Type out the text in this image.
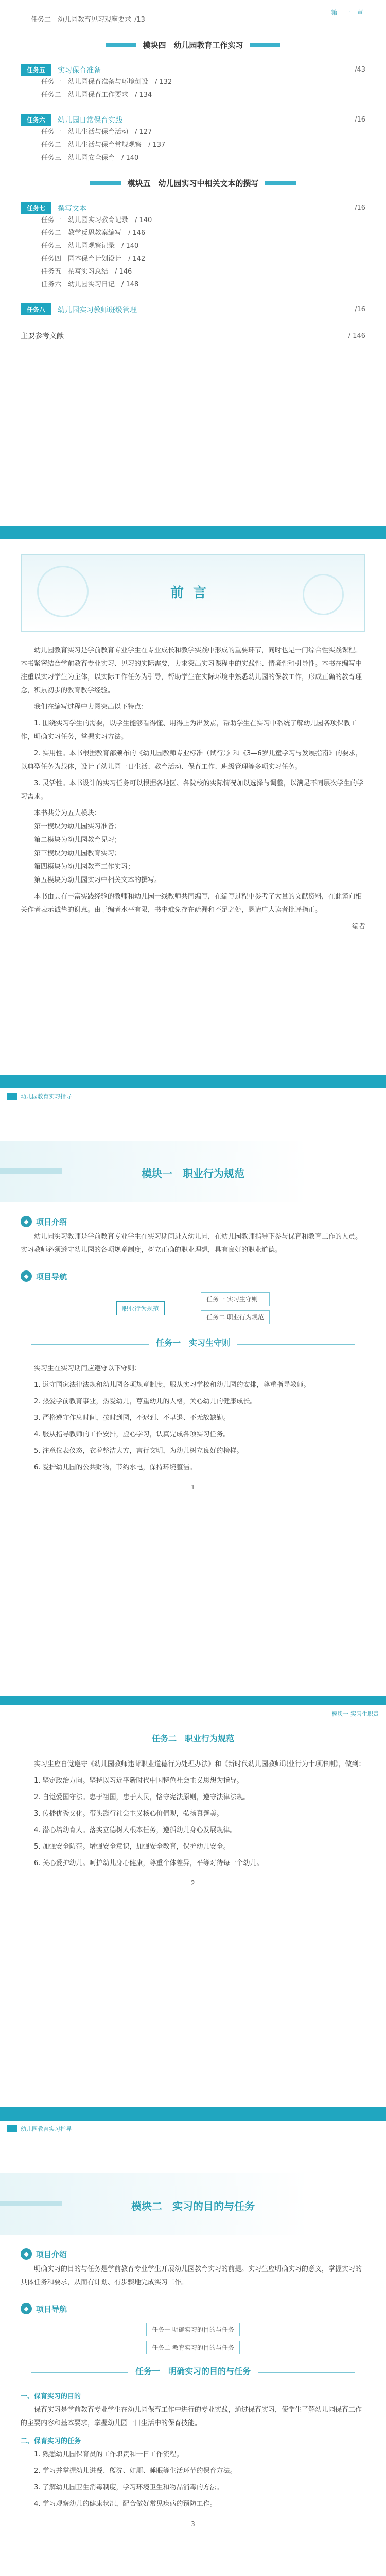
第 一 章
任务二　幼儿园教育见习观摩要求 /13
模块四　幼儿园教育工作实习
任务五	实习保育准备	/43
任务一　幼儿园保育准备与环境创设　/ 132
任务二　幼儿园保育工作要求　/ 134
任务六	幼儿园日常保育实践	/16
任务一　幼儿生活与保育活动　/ 127
任务二　幼儿生活与保育常规观察　/ 137
任务三　幼儿园安全保育　/ 140
模块五　幼儿园实习中相关文本的撰写
任务七	撰写文本	/16
任务一　幼儿园实习教育记录　/ 140
任务二　教学反思教案编写　/ 146
任务三　幼儿园观察记录　/ 140
任务四　园本保育计划设计　/ 142
任务五　撰写实习总结　/ 146
任务六　幼儿园实习日记　/ 148
任务八	幼儿园实习教师班级管理	/16
主要参考文献	/ 146
前言

幼儿园教育实习是学前教育专业学生在专业成长和教学实践中形成的重要环节，同时也是一门综合性实践课程。本书紧密结合学前教育专业实习、见习的实际需要，力求突出实习课程中的实践性、情境性和引导性。本书在编写中注重以实习学生为主体，以实际工作任务为引导，帮助学生在实际环境中熟悉幼儿园的保教工作，形成正确的教育理念，积累初步的教育教学经验。

我们在编写过程中力图突出以下特点：

1. 围绕实习学生的需要，以学生能够看得懂、用得上为出发点，帮助学生在实习中系统了解幼儿园各项保教工作，明确实习任务，掌握实习方法。

2. 实用性。本书根据教育部颁布的《幼儿园教师专业标准（试行）》和《3—6岁儿童学习与发展指南》的要求，以典型任务为载体，设计了幼儿园一日生活、教育活动、保育工作、班级管理等多项实习任务。

3. 灵活性。本书设计的实习任务可以根据各地区、各院校的实际情况加以选择与调整，以满足不同层次学生的学习需求。

本书共分为五大模块：

第一模块为幼儿园实习准备；

第二模块为幼儿园教育见习；

第三模块为幼儿园教育实习；

第四模块为幼儿园教育工作实习；

第五模块为幼儿园实习中相关文本的撰写。

本书由具有丰富实践经验的教师和幼儿园一线教师共同编写，在编写过程中参考了大量的文献资料，在此谨向相关作者表示诚挚的谢意。由于编者水平有限，书中难免存在疏漏和不足之处，恳请广大读者批评指正。

编者

幼儿园教育实习指导
模块一　职业行为规范
◆ 项目介绍

幼儿园实习教师是学前教育专业学生在实习期间进入幼儿园，在幼儿园教师指导下参与保育和教育工作的人员。实习教师必须遵守幼儿园的各项规章制度，树立正确的职业理想，具有良好的职业道德。

◆ 项目导航
职业行为规范
任务一 实习生守则
任务二 职业行为规范
任务一　实习生守则

实习生在实习期间应遵守以下守则：

1. 遵守国家法律法规和幼儿园各项规章制度，服从实习学校和幼儿园的安排，尊重指导教师。

2. 热爱学前教育事业，热爱幼儿，尊重幼儿的人格，关心幼儿的健康成长。

3. 严格遵守作息时间，按时到园，不迟到、不早退、不无故缺勤。

4. 服从指导教师的工作安排，虚心学习，认真完成各项实习任务。

5. 注意仪表仪态，衣着整洁大方，言行文明，为幼儿树立良好的榜样。

6. 爱护幼儿园的公共财物，节约水电，保持环境整洁。

1
模块一 实习生职责
任务二　职业行为规范

实习生应自觉遵守《幼儿园教师违背职业道德行为处理办法》和《新时代幼儿园教师职业行为十项准则》，做到：

1. 坚定政治方向。坚持以习近平新时代中国特色社会主义思想为指导。

2. 自觉爱国守法。忠于祖国，忠于人民，恪守宪法原则，遵守法律法规。

3. 传播优秀文化。带头践行社会主义核心价值观，弘扬真善美。

4. 潜心培幼育人。落实立德树人根本任务，遵循幼儿身心发展规律。

5. 加强安全防范。增强安全意识，加强安全教育，保护幼儿安全。

6. 关心爱护幼儿。呵护幼儿身心健康，尊重个体差异，平等对待每一个幼儿。

2
幼儿园教育实习指导
模块二　实习的目的与任务
◆ 项目介绍

明确实习的目的与任务是学前教育专业学生开展幼儿园教育实习的前提。实习生应明确实习的意义，掌握实习的具体任务和要求，从而有计划、有步骤地完成实习工作。

◆ 项目导航
任务一 明确实习的目的与任务
任务二 教育实习的目的与任务
任务一　明确实习的目的与任务
一、保育实习的目的

保育实习是学前教育专业学生在幼儿园保育工作中进行的专业实践，通过保育实习，使学生了解幼儿园保育工作的主要内容和基本要求，掌握幼儿园一日生活中的保育技能。

二、保育实习的任务

1. 熟悉幼儿园保育员的工作职责和一日工作流程。

2. 学习并掌握幼儿进餐、盥洗、如厕、睡眠等生活环节的保育方法。

3. 了解幼儿园卫生消毒制度，学习环境卫生和物品消毒的方法。

4. 学习观察幼儿的健康状况，配合做好常见疾病的预防工作。

3
